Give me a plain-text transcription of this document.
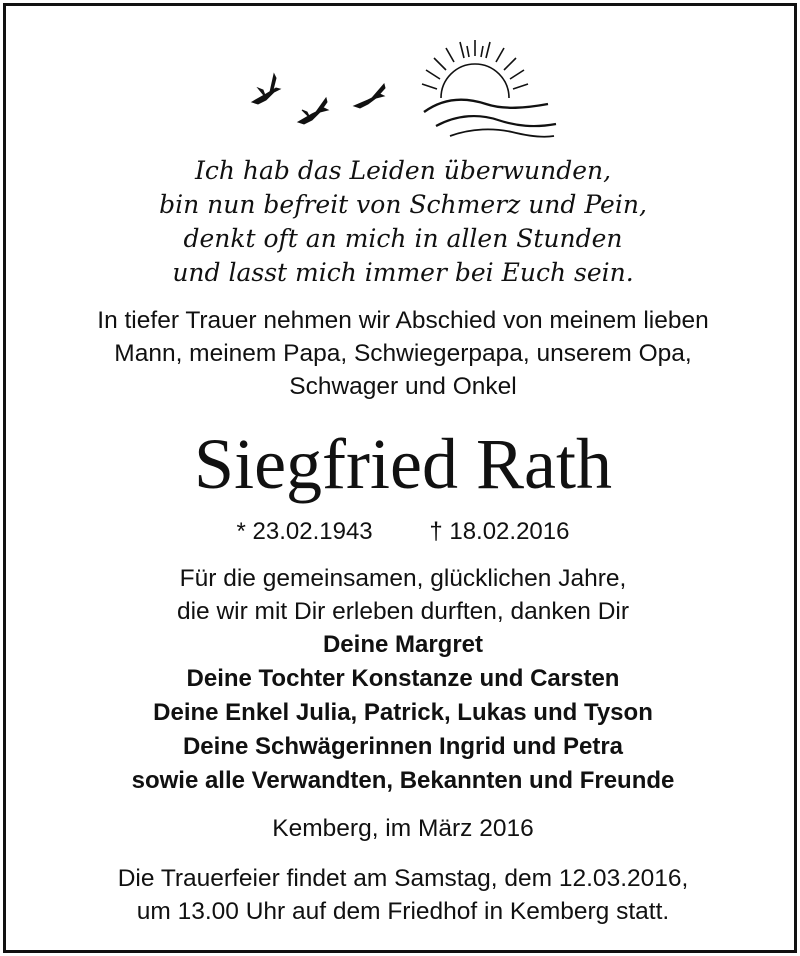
Ich hab das Leiden überwunden,
bin nun befreit von Schmerz und Pein,
denkt oft an mich in allen Stunden
und lasst mich immer bei Euch sein.
In tiefer Trauer nehmen wir Abschied von meinem lieben
Mann, meinem Papa, Schwiegerpapa, unserem Opa,
Schwager und Onkel
Siegfried Rath
* 23.02.1943 † 18.02.2016
Für die gemeinsamen, glücklichen Jahre,
die wir mit Dir erleben durften, danken Dir
Deine Margret
Deine Tochter Konstanze und Carsten
Deine Enkel Julia, Patrick, Lukas und Tyson
Deine Schwägerinnen Ingrid und Petra
sowie alle Verwandten, Bekannten und Freunde
Kemberg, im März 2016
Die Trauerfeier findet am Samstag, dem 12.03.2016,
um 13.00 Uhr auf dem Friedhof in Kemberg statt.
